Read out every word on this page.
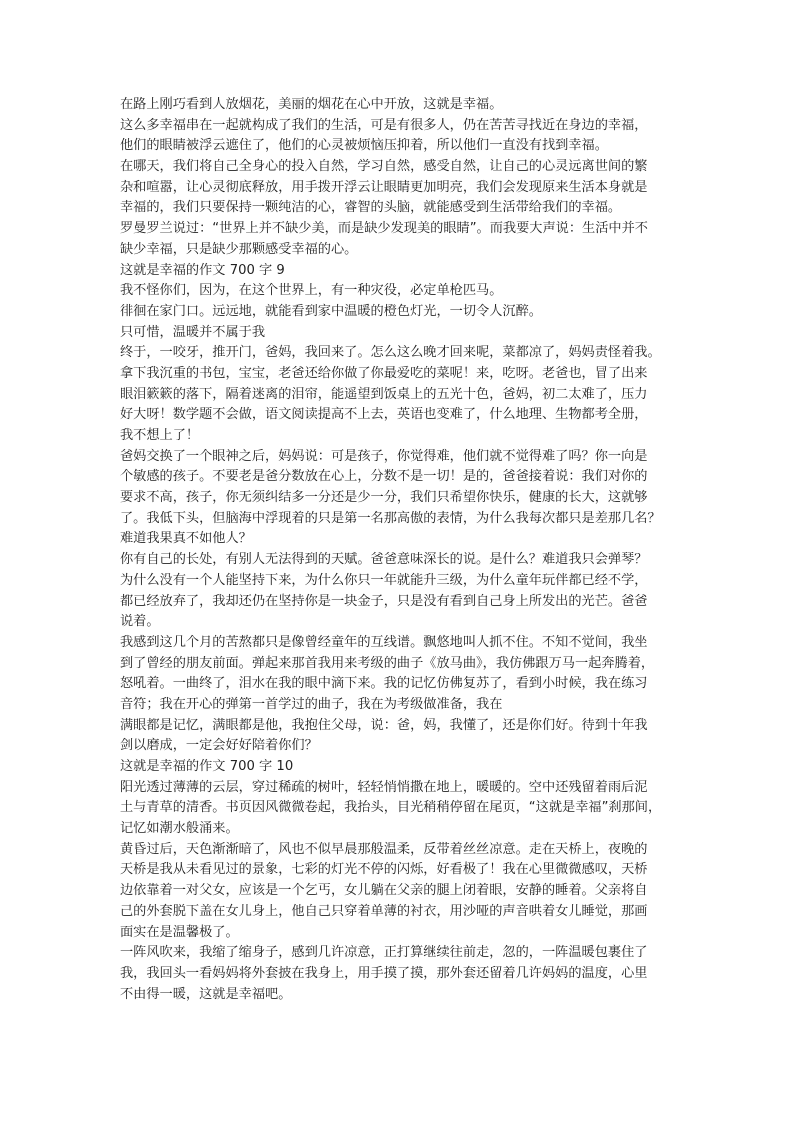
在路上刚巧看到人放烟花，美丽的烟花在心中开放，这就是幸福。
这么多幸福串在一起就构成了我们的生活，可是有很多人，仍在苦苦寻找近在身边的幸福，
他们的眼睛被浮云遮住了，他们的心灵被烦恼压抑着，所以他们一直没有找到幸福。
在哪天，我们将自己全身心的投入自然，学习自然，感受自然，让自己的心灵远离世间的繁
杂和喧嚣，让心灵彻底释放，用手拨开浮云让眼睛更加明亮，我们会发现原来生活本身就是
幸福的，我们只要保持一颗纯洁的心，睿智的头脑，就能感受到生活带给我们的幸福。
罗曼罗兰说过：“世界上并不缺少美，而是缺少发现美的眼睛”。而我要大声说：生活中并不
缺少幸福，只是缺少那颗感受幸福的心。
这就是幸福的作文 700 字 9
我不怪你们，因为，在这个世界上，有一种灾役，必定单枪匹马。
徘徊在家门口。远远地，就能看到家中温暖的橙色灯光，一切令人沉醉。
只可惜，温暖并不属于我
终于，一咬牙，推开门，爸妈，我回来了。怎么这么晚才回来呢，菜都凉了，妈妈责怪着我。
拿下我沉重的书包，宝宝，老爸还给你做了你最爱吃的菜呢！来，吃呀。老爸也，冒了出来
眼泪簌簌的落下，隔着迷离的泪帘，能遥望到饭桌上的五光十色，爸妈，初二太难了，压力
好大呀！数学题不会做，语文阅读提高不上去，英语也变难了，什么地理、生物都考全册，
我不想上了！
爸妈交换了一个眼神之后，妈妈说：可是孩子，你觉得难，他们就不觉得难了吗？你一向是
个敏感的孩子。不要老是爸分数放在心上，分数不是一切！是的，爸爸接着说：我们对你的
要求不高，孩子，你无须纠结多一分还是少一分，我们只希望你快乐，健康的长大，这就够
了。我低下头，但脑海中浮现着的只是第一名那高傲的表情，为什么我每次都只是差那几名？
难道我果真不如他人？
你有自己的长处，有别人无法得到的天赋。爸爸意味深长的说。是什么？难道我只会弹琴？
为什么没有一个人能坚持下来，为什么你只一年就能升三级，为什么童年玩伴都已经不学，
都已经放弃了，我却还仍在坚持你是一块金子，只是没有看到自己身上所发出的光芒。爸爸
说着。
我感到这几个月的苦熬都只是像曾经童年的互线谱。飘悠地叫人抓不住。不知不觉间，我坐
到了曾经的朋友前面。弹起来那首我用来考级的曲子《放马曲》，我仿佛跟万马一起奔腾着，
怒吼着。一曲终了，泪水在我的眼中滴下来。我的记忆仿佛复苏了，看到小时候，我在练习
音符；我在开心的弹第一首学过的曲子，我在为考级做准备，我在
满眼都是记忆，满眼都是他，我抱住父母，说：爸，妈，我懂了，还是你们好。待到十年我
剑以磨成，一定会好好陪着你们？
这就是幸福的作文 700 字 10
阳光透过薄薄的云层，穿过稀疏的树叶，轻轻悄悄撒在地上，暖暖的。空中还残留着雨后泥
土与青草的清香。书页因风微微卷起，我抬头，目光稍稍停留在尾页，“这就是幸福”刹那间，
记忆如潮水般涌来。
黄昏过后，天色渐渐暗了，风也不似早晨那般温柔，反带着丝丝凉意。走在天桥上，夜晚的
天桥是我从未看见过的景象，七彩的灯光不停的闪烁，好看极了！我在心里微微感叹，天桥
边依靠着一对父女，应该是一个乞丐，女儿躺在父亲的腿上闭着眼，安静的睡着。父亲将自
己的外套脱下盖在女儿身上，他自己只穿着单薄的衬衣，用沙哑的声音哄着女儿睡觉，那画
面实在是温馨极了。
一阵风吹来，我缩了缩身子，感到几许凉意，正打算继续往前走，忽的，一阵温暖包裹住了
我，我回头一看妈妈将外套披在我身上，用手摸了摸，那外套还留着几许妈妈的温度，心里
不由得一暖，这就是幸福吧。
